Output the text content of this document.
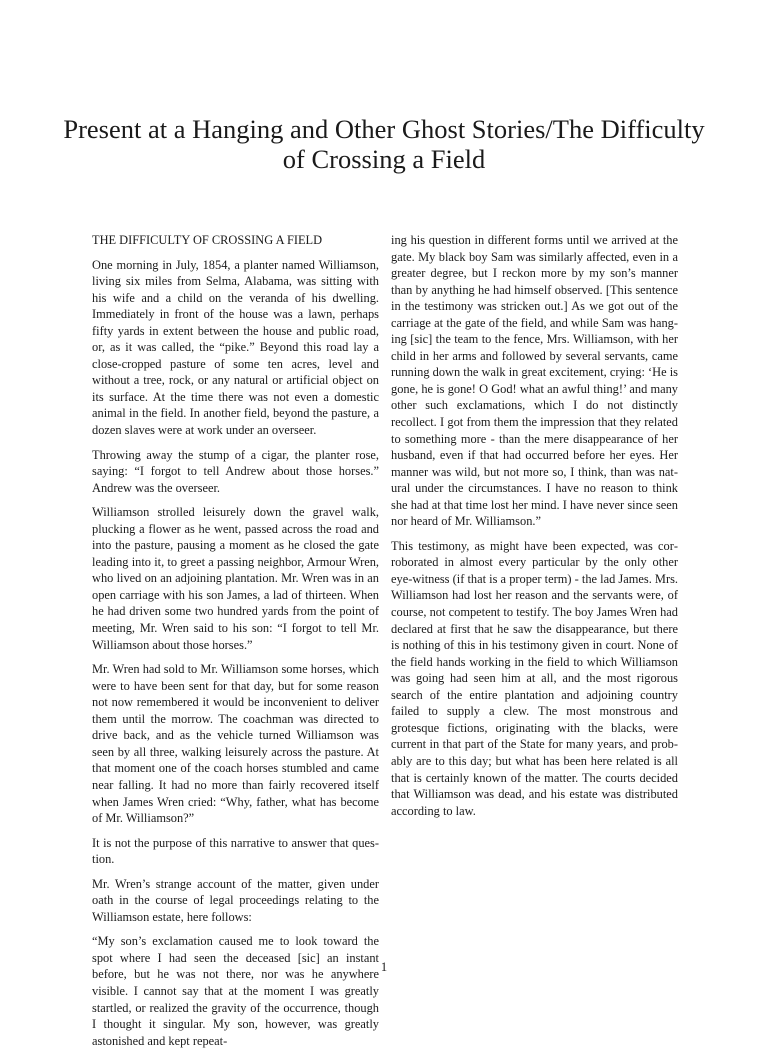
Present at a Hanging and Other Ghost Stories/The Difficulty of Crossing a Field
THE DIFFICULTY OF CROSSING A FIELD

One morning in July, 1854, a planter named Williamson, living six miles from Selma, Alabama, was sitting with his wife and a child on the veranda of his dwelling. Immediately in front of the house was a lawn, perhaps fifty yards in extent between the house and public road, or, as it was called, the “pike.” Beyond this road lay a close-cropped pasture of some ten acres, level and without a tree, rock, or any natural or artificial object on its surface. At the time there was not even a domestic animal in the field. In another field, beyond the pasture, a dozen slaves were at work under an overseer.

Throwing away the stump of a cigar, the planter rose, saying: “I forgot to tell Andrew about those horses.” Andrew was the overseer.

Williamson strolled leisurely down the gravel walk, plucking a flower as he went, passed across the road and into the pasture, pausing a moment as he closed the gate leading into it, to greet a passing neighbor, Armour Wren, who lived on an adjoining plantation. Mr. Wren was in an open carriage with his son James, a lad of thirteen. When he had driven some two hundred yards from the point of meeting, Mr. Wren said to his son: “I forgot to tell Mr. Williamson about those horses.”

Mr. Wren had sold to Mr. Williamson some horses, which were to have been sent for that day, but for some reason not now remembered it would be inconvenient to deliver them until the morrow. The coachman was directed to drive back, and as the vehicle turned Williamson was seen by all three, walking leisurely across the pasture. At that moment one of the coach horses stumbled and came near falling. It had no more than fairly recovered itself when James Wren cried: “Why, father, what has become of Mr. Williamson?”

It is not the purpose of this narrative to answer that question.

Mr. Wren’s strange account of the matter, given under oath in the course of legal proceedings relating to the Williamson estate, here follows:

“My son’s exclamation caused me to look toward the spot where I had seen the deceased [sic] an instant before, but he was not there, nor was he anywhere visible. I cannot say that at the moment I was greatly startled, or realized the gravity of the occurrence, though I thought it singular. My son, however, was greatly astonished and kept repeat-

ing his question in different forms until we arrived at the gate. My black boy Sam was similarly affected, even in a greater degree, but I reckon more by my son’s manner than by anything he had himself observed. [This sentence in the testimony was stricken out.] As we got out of the carriage at the gate of the field, and while Sam was hanging [sic] the team to the fence, Mrs. Williamson, with her child in her arms and followed by several servants, came running down the walk in great excitement, crying: ‘He is gone, he is gone! O God! what an awful thing!’ and many other such exclamations, which I do not distinctly recollect. I got from them the impression that they related to something more - than the mere disappearance of her husband, even if that had occurred before her eyes. Her manner was wild, but not more so, I think, than was natural under the circumstances. I have no reason to think she had at that time lost her mind. I have never since seen nor heard of Mr. Williamson.”

This testimony, as might have been expected, was corroborated in almost every particular by the only other eye-witness (if that is a proper term) - the lad James. Mrs. Williamson had lost her reason and the servants were, of course, not competent to testify. The boy James Wren had declared at first that he saw the disappearance, but there is nothing of this in his testimony given in court. None of the field hands working in the field to which Williamson was going had seen him at all, and the most rigorous search of the entire plantation and adjoining country failed to supply a clew. The most monstrous and grotesque fictions, originating with the blacks, were current in that part of the State for many years, and probably are to this day; but what has been here related is all that is certainly known of the matter. The courts decided that Williamson was dead, and his estate was distributed according to law.

1
